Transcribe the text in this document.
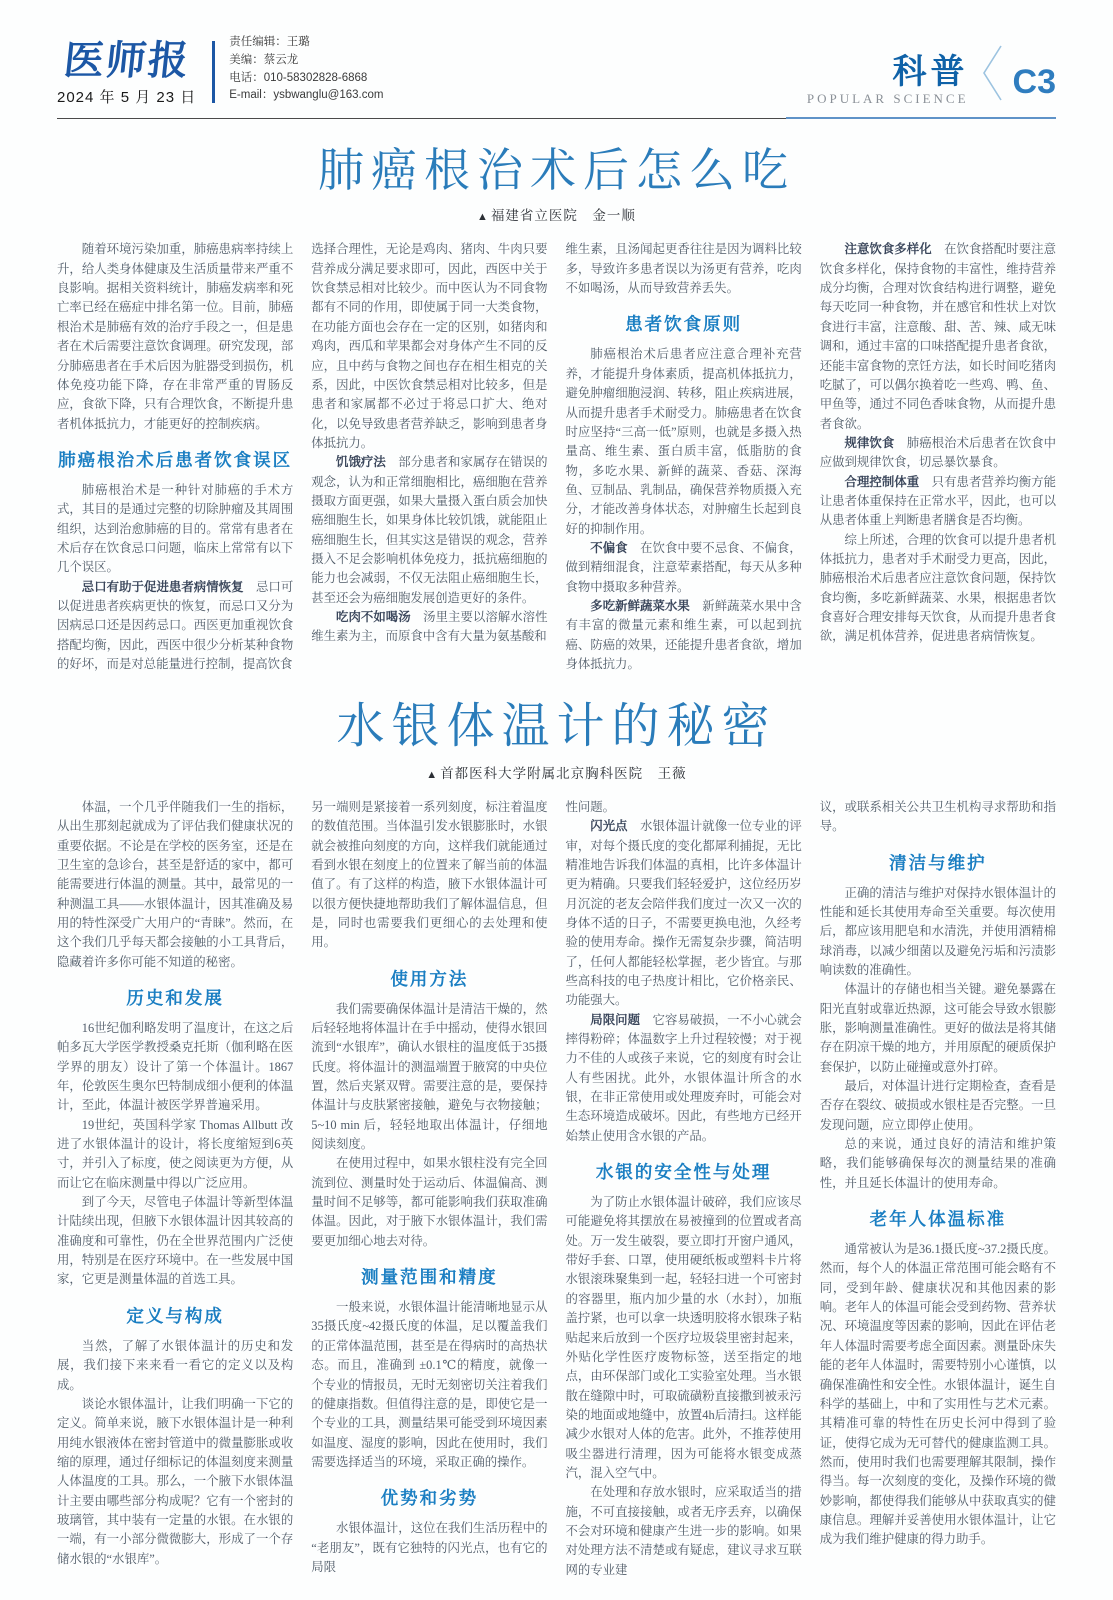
医师报
2024 年 5 月 23 日
责任编辑：王璐
美编：蔡云龙
电话：010-58302828-6868
E-mail：ysbwanglu@163.com
科普
POPULAR SCIENCE C3
肺癌根治术后怎么吃
▲ 福建省立医院　金一顺

随着环境污染加重，肺癌患病率持续上升，给人类身体健康及生活质量带来严重不良影响。据相关资料统计，肺癌发病率和死亡率已经在癌症中排名第一位。目前，肺癌根治术是肺癌有效的治疗手段之一，但是患者在术后需要注意饮食调理。研究发现，部分肺癌患者在手术后因为脏器受到损伤，机体免疫功能下降，存在非常严重的胃肠反应，食欲下降，只有合理饮食，不断提升患者机体抵抗力，才能更好的控制疾病。

肺癌根治术后患者饮食误区

肺癌根治术是一种针对肺癌的手术方式，其目的是通过完整的切除肿瘤及其周围组织，达到治愈肺癌的目的。常常有患者在术后存在饮食忌口问题，临床上常常有以下几个误区。

忌口有助于促进患者病情恢复　忌口可以促进患者疾病更快的恢复，而忌口又分为因病忌口还是因药忌口。西医更加重视饮食搭配均衡，因此，西医中很少分析某种食物的好坏，而是对总能量进行控制，提高饮食

选择合理性，无论是鸡肉、猪肉、牛肉只要营养成分满足要求即可，因此，西医中关于饮食禁忌相对比较少。而中医认为不同食物都有不同的作用，即使属于同一大类食物，在功能方面也会存在一定的区别，如猪肉和鸡肉，西瓜和苹果都会对身体产生不同的反应，且中药与食物之间也存在相生相克的关系，因此，中医饮食禁忌相对比较多，但是患者和家属都不必过于将忌口扩大、绝对化，以免导致患者营养缺乏，影响到患者身体抵抗力。

饥饿疗法　部分患者和家属存在错误的观念，认为和正常细胞相比，癌细胞在营养摄取方面更强，如果大量摄入蛋白质会加快癌细胞生长，如果身体比较饥饿，就能阻止癌细胞生长，但其实这是错误的观念，营养摄入不足会影响机体免疫力，抵抗癌细胞的能力也会减弱，不仅无法阻止癌细胞生长，甚至还会为癌细胞发展创造更好的条件。

吃肉不如喝汤　汤里主要以溶解水溶性维生素为主，而原食中含有大量为氨基酸和

维生素，且汤闻起更香往往是因为调料比较多，导致许多患者误以为汤更有营养，吃肉不如喝汤，从而导致营养丢失。

患者饮食原则

肺癌根治术后患者应注意合理补充营养，才能提升身体素质，提高机体抵抗力，避免肿瘤细胞浸润、转移，阻止疾病进展，从而提升患者手术耐受力。肺癌患者在饮食时应坚持“三高一低”原则，也就是多摄入热量高、维生素、蛋白质丰富，低脂肪的食物，多吃水果、新鲜的蔬菜、香菇、深海鱼、豆制品、乳制品，确保营养物质摄入充分，才能改善身体状态，对肿瘤生长起到良好的抑制作用。

不偏食　在饮食中要不忌食、不偏食，做到精细混食，注意荤素搭配，每天从多种食物中摄取多种营养。

多吃新鲜蔬菜水果　新鲜蔬菜水果中含有丰富的微量元素和维生素，可以起到抗癌、防癌的效果，还能提升患者食欲，增加身体抵抗力。

注意饮食多样化　在饮食搭配时要注意饮食多样化，保持食物的丰富性，维持营养成分均衡，合理对饮食结构进行调整，避免每天吃同一种食物，并在感官和性状上对饮食进行丰富，注意酸、甜、苦、辣、咸无味调和，通过丰富的口味搭配提升患者食欲，还能丰富食物的烹饪方法，如长时间吃猪肉吃腻了，可以偶尔换着吃一些鸡、鸭、鱼、甲鱼等，通过不同色香味食物，从而提升患者食欲。

规律饮食　肺癌根治术后患者在饮食中应做到规律饮食，切忌暴饮暴食。

合理控制体重　只有患者营养均衡方能让患者体重保持在正常水平，因此，也可以从患者体重上判断患者膳食是否均衡。

综上所述，合理的饮食可以提升患者机体抵抗力，患者对手术耐受力更高，因此，肺癌根治术后患者应注意饮食问题，保持饮食均衡，多吃新鲜蔬菜、水果，根据患者饮食喜好合理安排每天饮食，从而提升患者食欲，满足机体营养，促进患者病情恢复。

水银体温计的秘密
▲ 首都医科大学附属北京胸科医院　王薇

体温，一个几乎伴随我们一生的指标，从出生那刻起就成为了评估我们健康状况的重要依据。不论是在学校的医务室，还是在卫生室的急诊台，甚至是舒适的家中，都可能需要进行体温的测量。其中，最常见的一种测温工具——水银体温计，因其准确及易用的特性深受广大用户的“青睐”。然而，在这个我们几乎每天都会接触的小工具背后，隐藏着许多你可能不知道的秘密。

历史和发展

16世纪伽利略发明了温度计，在这之后帕多瓦大学医学教授桑克托斯（伽利略在医学界的朋友）设计了第一个体温计。1867年，伦敦医生奥尔巴特制成细小便利的体温计，至此，体温计被医学界普遍采用。

19世纪，英国科学家 Thomas Allbutt 改进了水银体温计的设计，将长度缩短到6英寸，并引入了标度，使之阅读更为方便，从而让它在临床测量中得以广泛应用。

到了今天，尽管电子体温计等新型体温计陆续出现，但腋下水银体温计因其较高的准确度和可靠性，仍在全世界范围内广泛使用，特别是在医疗环境中。在一些发展中国家，它更是测量体温的首选工具。

定义与构成

当然，了解了水银体温计的历史和发展，我们接下来来看一看它的定义以及构成。

谈论水银体温计，让我们明确一下它的定义。简单来说，腋下水银体温计是一种利用纯水银液体在密封管道中的微量膨胀或收缩的原理，通过仔细标记的体温刻度来测量人体温度的工具。那么，一个腋下水银体温计主要由哪些部分构成呢？它有一个密封的玻璃管，其中装有一定量的水银。在水银的一端，有一小部分微微膨大，形成了一个存储水银的“水银库”。

另一端则是紧接着一系列刻度，标注着温度的数值范围。当体温引发水银膨胀时，水银就会被推向刻度的方向，这样我们就能通过看到水银在刻度上的位置来了解当前的体温值了。有了这样的构造，腋下水银体温计可以很方便快捷地帮助我们了解体温信息，但是，同时也需要我们更细心的去处理和使用。

使用方法

我们需要确保体温计是清洁干燥的，然后轻轻地将体温计在手中摇动，使得水银回流到“水银库”，确认水银柱的温度低于35摄氏度。将体温计的测温端置于腋窝的中央位置，然后夹紧双臂。需要注意的是，要保持体温计与皮肤紧密接触，避免与衣物接触；5~10 min 后，轻轻地取出体温计，仔细地阅读刻度。

在使用过程中，如果水银柱没有完全回流到位、测量时处于运动后、体温偏高、测量时间不足够等，都可能影响我们获取准确体温。因此，对于腋下水银体温计，我们需要更加细心地去对待。

测量范围和精度

一般来说，水银体温计能清晰地显示从35摄氏度~42摄氏度的体温，足以覆盖我们的正常体温范围，甚至是在得病时的高热状态。而且，准确到 ±0.1℃的精度，就像一个专业的情报员，无时无刻密切关注着我们的健康指数。但值得注意的是，即使它是一个专业的工具，测量结果可能受到环境因素如温度、湿度的影响，因此在使用时，我们需要选择适当的环境，采取正确的操作。

优势和劣势

水银体温计，这位在我们生活历程中的“老朋友”，既有它独特的闪光点，也有它的局限

性问题。

闪光点　水银体温计就像一位专业的评审，对每个摄氏度的变化都犀利捕捉，无比精准地告诉我们体温的真相，比许多体温计更为精确。只要我们轻轻爱护，这位经历岁月沉淀的老友会陪伴我们度过一次又一次的身体不适的日子，不需要更换电池，久经考验的使用寿命。操作无需复杂步骤，简洁明了，任何人都能轻松掌握，老少皆宜。与那些高科技的电子热度计相比，它价格亲民、功能强大。

局限问题　它容易破损，一不小心就会摔得粉碎；体温数字上升过程较慢；对于视力不佳的人或孩子来说，它的刻度有时会让人有些困扰。此外，水银体温计所含的水银，在非正常使用或处理废弃时，可能会对生态环境造成破坏。因此，有些地方已经开始禁止使用含水银的产品。

水银的安全性与处理

为了防止水银体温计破碎，我们应该尽可能避免将其摆放在易被撞到的位置或者高处。万一发生破裂，要立即打开窗户通风，带好手套、口罩，使用硬纸板或塑料卡片将水银滚珠聚集到一起，轻轻扫进一个可密封的容器里，瓶内加少量的水（水封），加瓶盖拧紧，也可以拿一块透明胶将水银珠子粘贴起来后放到一个医疗垃圾袋里密封起来，外贴化学性医疗废物标签，送至指定的地点，由环保部门或化工实验室处理。当水银散在缝隙中时，可取硫磺粉直接撒到被汞污染的地面或地缝中，放置4h后清扫。这样能减少水银对人体的危害。此外，不推荐使用吸尘器进行清理，因为可能将水银变成蒸汽，混入空气中。

在处理和存放水银时，应采取适当的措施，不可直接接触，或者无序丢弃，以确保不会对环境和健康产生进一步的影响。如果对处理方法不清楚或有疑虑，建议寻求互联网的专业建

议，或联系相关公共卫生机构寻求帮助和指导。

清洁与维护

正确的清洁与维护对保持水银体温计的性能和延长其使用寿命至关重要。每次使用后，都应该用肥皂和水清洗，并使用酒精棉球消毒，以减少细菌以及避免污垢和污渍影响读数的准确性。

体温计的存储也相当关键。避免暴露在阳光直射或靠近热源，这可能会导致水银膨胀，影响测量准确性。更好的做法是将其储存在阴凉干燥的地方，并用原配的硬质保护套保护，以防止碰撞或意外打碎。

最后，对体温计进行定期检查，查看是否存在裂纹、破损或水银柱是否完整。一旦发现问题，应立即停止使用。

总的来说，通过良好的清洁和维护策略，我们能够确保每次的测量结果的准确性，并且延长体温计的使用寿命。

老年人体温标准

通常被认为是36.1摄氏度~37.2摄氏度。然而，每个人的体温正常范围可能会略有不同，受到年龄、健康状况和其他因素的影响。老年人的体温可能会受到药物、营养状况、环境温度等因素的影响，因此在评估老年人体温时需要考虑全面因素。测量卧床失能的老年人体温时，需要特别小心谨慎，以确保准确性和安全性。水银体温计，诞生自科学的基础上，中和了实用性与艺术元素。其精准可靠的特性在历史长河中得到了验证，使得它成为无可替代的健康监测工具。然而，使用时我们也需要理解其限制，操作得当。每一次刻度的变化，及操作环境的微妙影响，都使得我们能够从中获取真实的健康信息。理解并妥善使用水银体温计，让它成为我们维护健康的得力助手。
